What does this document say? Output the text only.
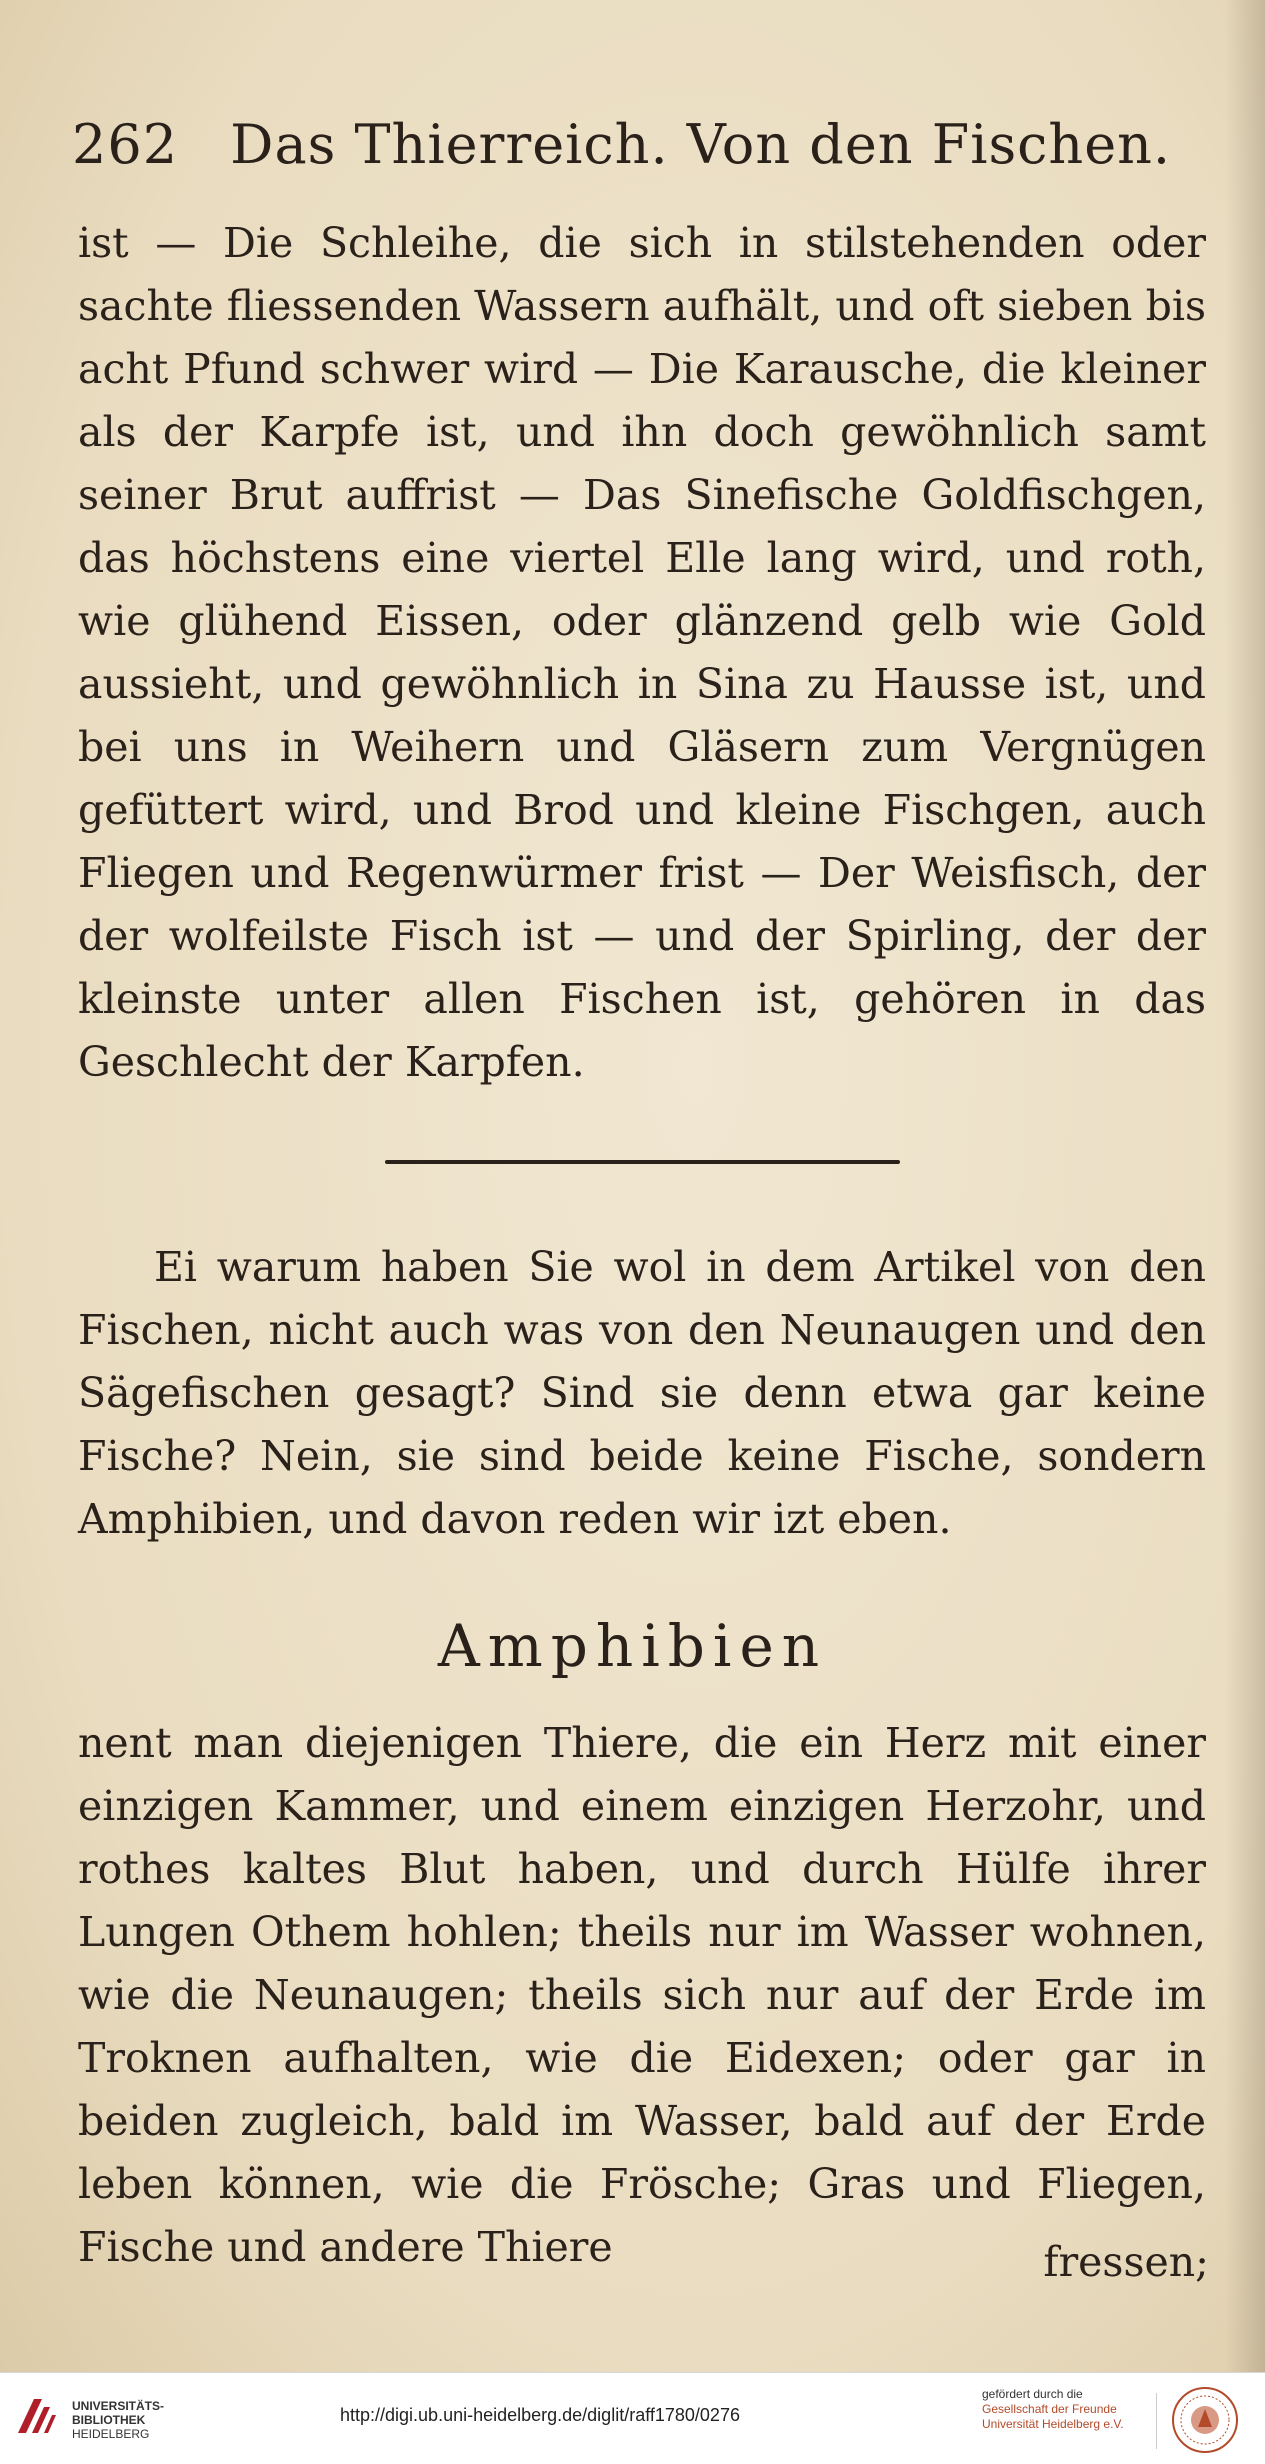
262 Das Thierreich. Von den Fischen.
ist — Die Schleihe, die sich in stilstehenden oder sachte fliessenden Wassern aufhält, und oft sieben bis acht Pfund schwer wird — Die Karausche, die kleiner als der Karpfe ist, und ihn doch gewöhnlich samt seiner Brut auffrist — Das Sinefische Goldfischgen, das höchstens eine viertel Elle lang wird, und roth, wie glühend Eissen, oder glänzend gelb wie Gold aussieht, und gewöhnlich in Sina zu Hausse ist, und bei uns in Weihern und Gläsern zum Vergnügen gefüttert wird, und Brod und kleine Fischgen, auch Fliegen und Regenwürmer frist — Der Weisfisch, der der wolfeilste Fisch ist — und der Spirling, der der kleinste unter allen Fischen ist, gehören in das Geschlecht der Karpfen.
Ei warum haben Sie wol in dem Artikel von den Fischen, nicht auch was von den Neunaugen und den Sägefischen gesagt? Sind sie denn etwa gar keine Fische? Nein, sie sind beide keine Fische, sondern Amphibien, und davon reden wir izt eben.
Amphibien
nent man diejenigen Thiere, die ein Herz mit einer einzigen Kammer, und einem einzigen Herzohr, und rothes kaltes Blut haben, und durch Hülfe ihrer Lungen Othem hohlen; theils nur im Wasser wohnen, wie die Neunaugen; theils sich nur auf der Erde im Troknen aufhalten, wie die Eidexen; oder gar in beiden zugleich, bald im Wasser, bald auf der Erde leben können, wie die Frösche; Gras und Fliegen, Fische und andere Thiere	fressen;
UNIVERSITÄTS-
BIBLIOTHEK
HEIDELBERG
http://digi.ub.uni-heidelberg.de/diglit/raff1780/0276
gefördert durch die
Gesellschaft der Freunde
Universität Heidelberg e.V.
